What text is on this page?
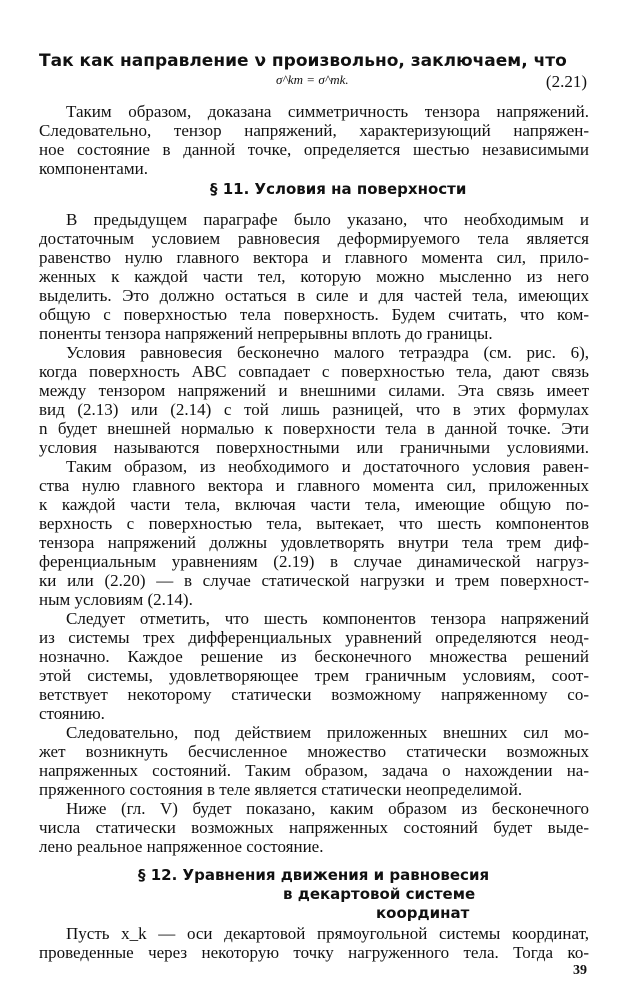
Так как направление ν произвольно, заключаем, что
σ^km = σ^mk.	(2.21)
Таким образом, доказана симметричность тензора напряжений.
Следовательно, тензор напряжений, характеризующий напряжен-
ное состояние в данной точке, определяется шестью независимыми
компонентами.
§ 11. Условия на поверхности
В предыдущем параграфе было указано, что необходимым и
достаточным условием равновесия деформируемого тела является
равенство нулю главного вектора и главного момента сил, прило-
женных к каждой части тел, которую можно мысленно из него
выделить. Это должно остаться в силе и для частей тела, имеющих
общую с поверхностью тела поверхность. Будем считать, что ком-
поненты тензора напряжений непрерывны вплоть до границы.
Условия равновесия бесконечно малого тетраэдра (см. рис. 6),
когда поверхность ABC совпадает с поверхностью тела, дают связь
между тензором напряжений и внешними силами. Эта связь имеет
вид (2.13) или (2.14) с той лишь разницей, что в этих формулах
n будет внешней нормалью к поверхности тела в данной точке. Эти
условия называются поверхностными или граничными условиями.
Таким образом, из необходимого и достаточного условия равен-
ства нулю главного вектора и главного момента сил, приложенных
к каждой части тела, включая части тела, имеющие общую по-
верхность с поверхностью тела, вытекает, что шесть компонентов
тензора напряжений должны удовлетворять внутри тела трем диф-
ференциальным уравнениям (2.19) в случае динамической нагруз-
ки или (2.20) — в случае статической нагрузки и трем поверхност-
ным условиям (2.14).
Следует отметить, что шесть компонентов тензора напряжений
из системы трех дифференциальных уравнений определяются неод-
нозначно. Каждое решение из бесконечного множества решений
этой системы, удовлетворяющее трем граничным условиям, соот-
ветствует некоторому статически возможному напряженному со-
стоянию.
Следовательно, под действием приложенных внешних сил мо-
жет возникнуть бесчисленное множество статически возможных
напряженных состояний. Таким образом, задача о нахождении на-
пряженного состояния в теле является статически неопределимой.
Ниже (гл. V) будет показано, каким образом из бесконечного
числа статически возможных напряженных состояний будет выде-
лено реальное напряженное состояние.
§ 12. Уравнения движения и равновесия
в декартовой системе
координат
Пусть x_k — оси декартовой прямоугольной системы координат,
проведенные через некоторую точку нагруженного тела. Тогда ко-
39
